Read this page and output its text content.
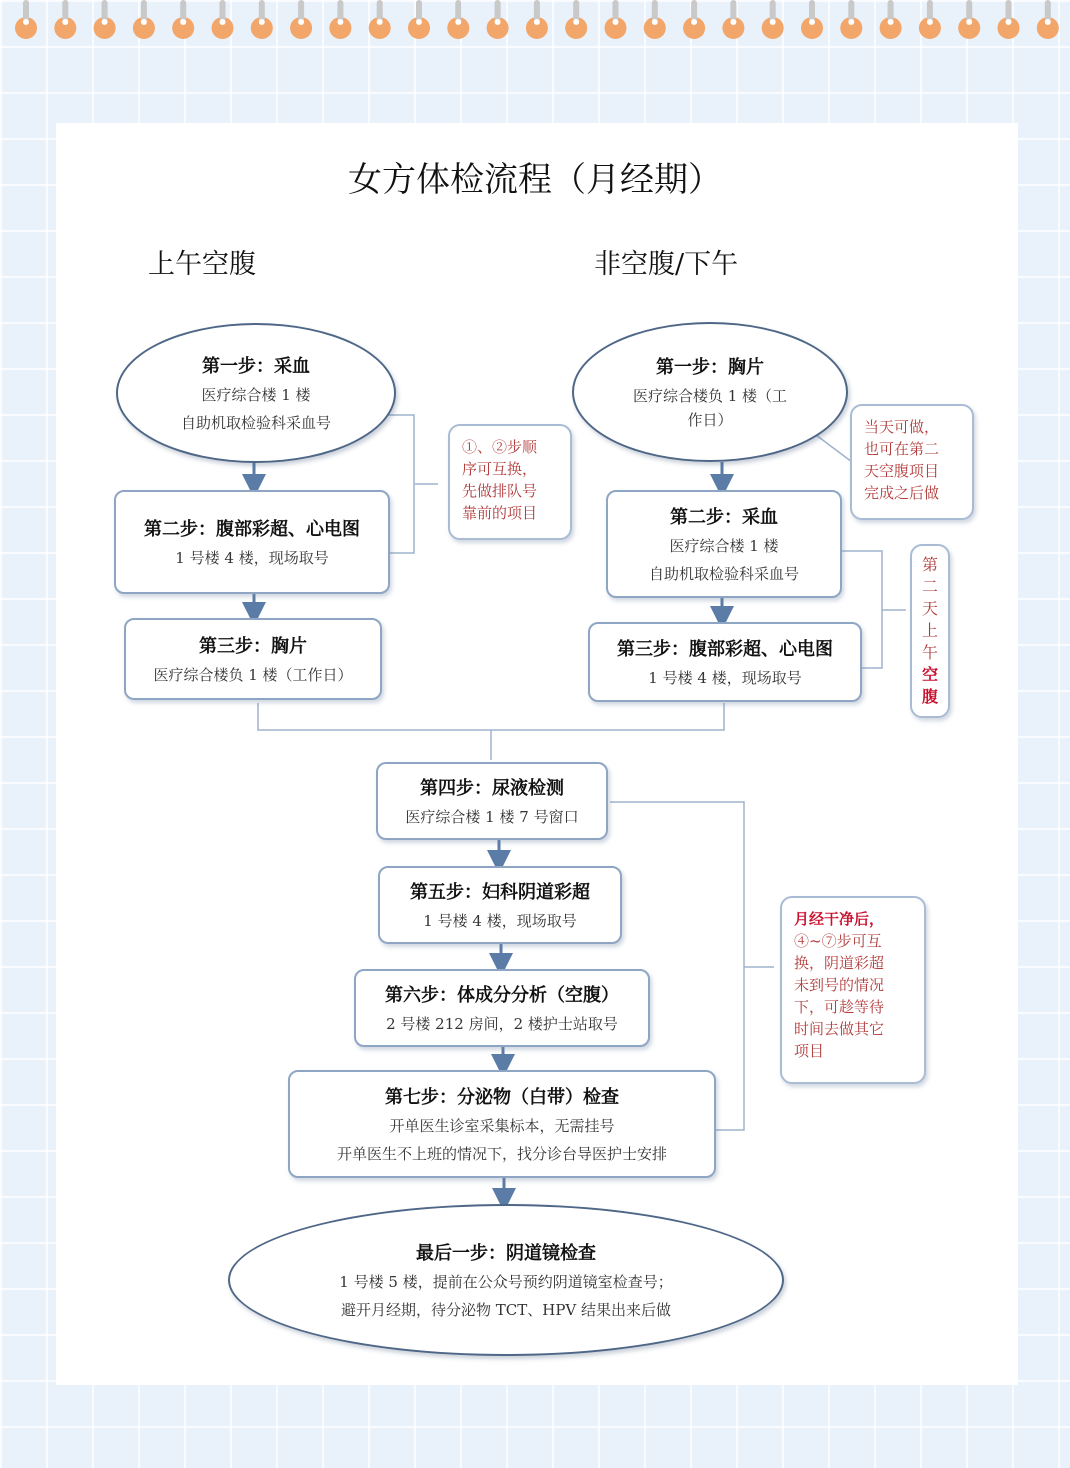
女方体检流程（月经期）
上午空腹	非空腹/下午
第一步：采血
医疗综合楼 1 楼
自助机取检验科采血号
第二步：腹部彩超、心电图
1 号楼 4 楼，现场取号
第三步：胸片
医疗综合楼负 1 楼（工作日）
第一步：胸片
医疗综合楼负 1 楼（工
作日）
第二步：采血
医疗综合楼 1 楼
自助机取检验科采血号
第三步：腹部彩超、心电图
1 号楼 4 楼，现场取号
①、②步顺
序可互换，
先做排队号
靠前的项目
当天可做，
也可在第二
天空腹项目
完成之后做
第
二
天
上
午
空
腹
月经干净后，
④~⑦步可互
换，阴道彩超
未到号的情况
下，可趁等待
时间去做其它
项目
第四步：尿液检测
医疗综合楼 1 楼 7 号窗口
第五步：妇科阴道彩超
1 号楼 4 楼，现场取号
第六步：体成分分析（空腹）
2 号楼 212 房间，2 楼护士站取号
第七步：分泌物（白带）检查
开单医生诊室采集标本，无需挂号
开单医生不上班的情况下，找分诊台导医护士安排
最后一步：阴道镜检查
1 号楼 5 楼，提前在公众号预约阴道镜室检查号；
避开月经期，待分泌物 TCT、HPV 结果出来后做
